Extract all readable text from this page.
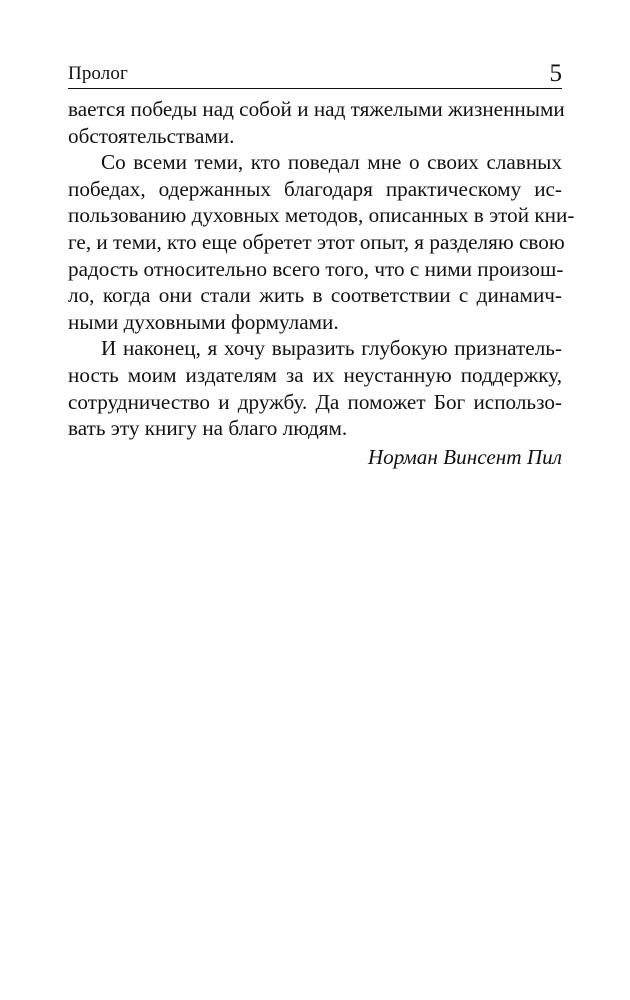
Пролог	5
вается победы над собой и над тяжелыми жизненными
обстоятельствами.
Со всеми теми, кто поведал мне о своих славных
победах, одержанных благодаря практическому ис-
пользованию духовных методов, описанных в этой кни-
ге, и теми, кто еще обретет этот опыт, я разделяю свою
радость относительно всего того, что с ними произош-
ло, когда они стали жить в соответствии с динамич-
ными духовными формулами.
И наконец, я хочу выразить глубокую признатель-
ность моим издателям за их неустанную поддержку,
сотрудничество и дружбу. Да поможет Бог использо-
вать эту книгу на благо людям.
Норман Винсент Пил
